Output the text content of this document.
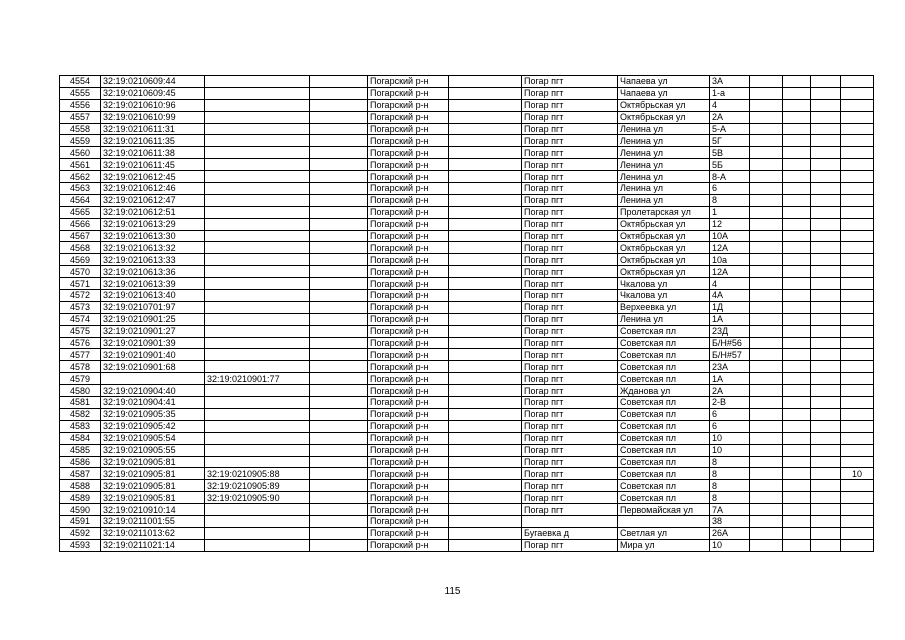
4554	32:19:0210609:44			Погарский р-н		Погар пгт	Чапаева ул	3А				
4555	32:19:0210609:45			Погарский р-н		Погар пгт	Чапаева ул	1-а				
4556	32:19:0210610:96			Погарский р-н		Погар пгт	Октябрьская ул	4				
4557	32:19:0210610:99			Погарский р-н		Погар пгт	Октябрьская ул	2А				
4558	32:19:0210611:31			Погарский р-н		Погар пгт	Ленина ул	5-А				
4559	32:19:0210611:35			Погарский р-н		Погар пгт	Ленина ул	5Г				
4560	32:19:0210611:38			Погарский р-н		Погар пгт	Ленина ул	5В				
4561	32:19:0210611:45			Погарский р-н		Погар пгт	Ленина ул	5Б				
4562	32:19:0210612:45			Погарский р-н		Погар пгт	Ленина ул	8-А				
4563	32:19:0210612:46			Погарский р-н		Погар пгт	Ленина ул	6				
4564	32:19:0210612:47			Погарский р-н		Погар пгт	Ленина ул	8				
4565	32:19:0210612:51			Погарский р-н		Погар пгт	Пролетарская ул	1				
4566	32:19:0210613:29			Погарский р-н		Погар пгт	Октябрьская ул	12				
4567	32:19:0210613:30			Погарский р-н		Погар пгт	Октябрьская ул	10А				
4568	32:19:0210613:32			Погарский р-н		Погар пгт	Октябрьская ул	12А				
4569	32:19:0210613:33			Погарский р-н		Погар пгт	Октябрьская ул	10а				
4570	32:19:0210613:36			Погарский р-н		Погар пгт	Октябрьская ул	12А				
4571	32:19:0210613:39			Погарский р-н		Погар пгт	Чкалова ул	4				
4572	32:19:0210613:40			Погарский р-н		Погар пгт	Чкалова ул	4А				
4573	32:19:0210701:97			Погарский р-н		Погар пгт	Верхеевка ул	1Д				
4574	32:19:0210901:25			Погарский р-н		Погар пгт	Ленина ул	1А				
4575	32:19:0210901:27			Погарский р-н		Погар пгт	Советская пл	23Д				
4576	32:19:0210901:39			Погарский р-н		Погар пгт	Советская пл	Б/Н#56				
4577	32:19:0210901:40			Погарский р-н		Погар пгт	Советская пл	Б/Н#57				
4578	32:19:0210901:68			Погарский р-н		Погар пгт	Советская пл	23А				
4579		32:19:0210901:77		Погарский р-н		Погар пгт	Советская пл	1А				
4580	32:19:0210904:40			Погарский р-н		Погар пгт	Жданова ул	2А				
4581	32:19:0210904:41			Погарский р-н		Погар пгт	Советская пл	2-В				
4582	32:19:0210905:35			Погарский р-н		Погар пгт	Советская пл	6				
4583	32:19:0210905:42			Погарский р-н		Погар пгт	Советская пл	6				
4584	32:19:0210905:54			Погарский р-н		Погар пгт	Советская пл	10				
4585	32:19:0210905:55			Погарский р-н		Погар пгт	Советская пл	10				
4586	32:19:0210905:81			Погарский р-н		Погар пгт	Советская пл	8				
4587	32:19:0210905:81	32:19:0210905:88		Погарский р-н		Погар пгт	Советская пл	8				10
4588	32:19:0210905:81	32:19:0210905:89		Погарский р-н		Погар пгт	Советская пл	8				
4589	32:19:0210905:81	32:19:0210905:90		Погарский р-н		Погар пгт	Советская пл	8				
4590	32:19:0210910:14			Погарский р-н		Погар пгт	Первомайская ул	7А				
4591	32:19:0211001:55			Погарский р-н				38				
4592	32:19:0211013:62			Погарский р-н		Бугаевка д	Светлая ул	26А				
4593	32:19:0211021:14			Погарский р-н		Погар пгт	Мира ул	10				
115
